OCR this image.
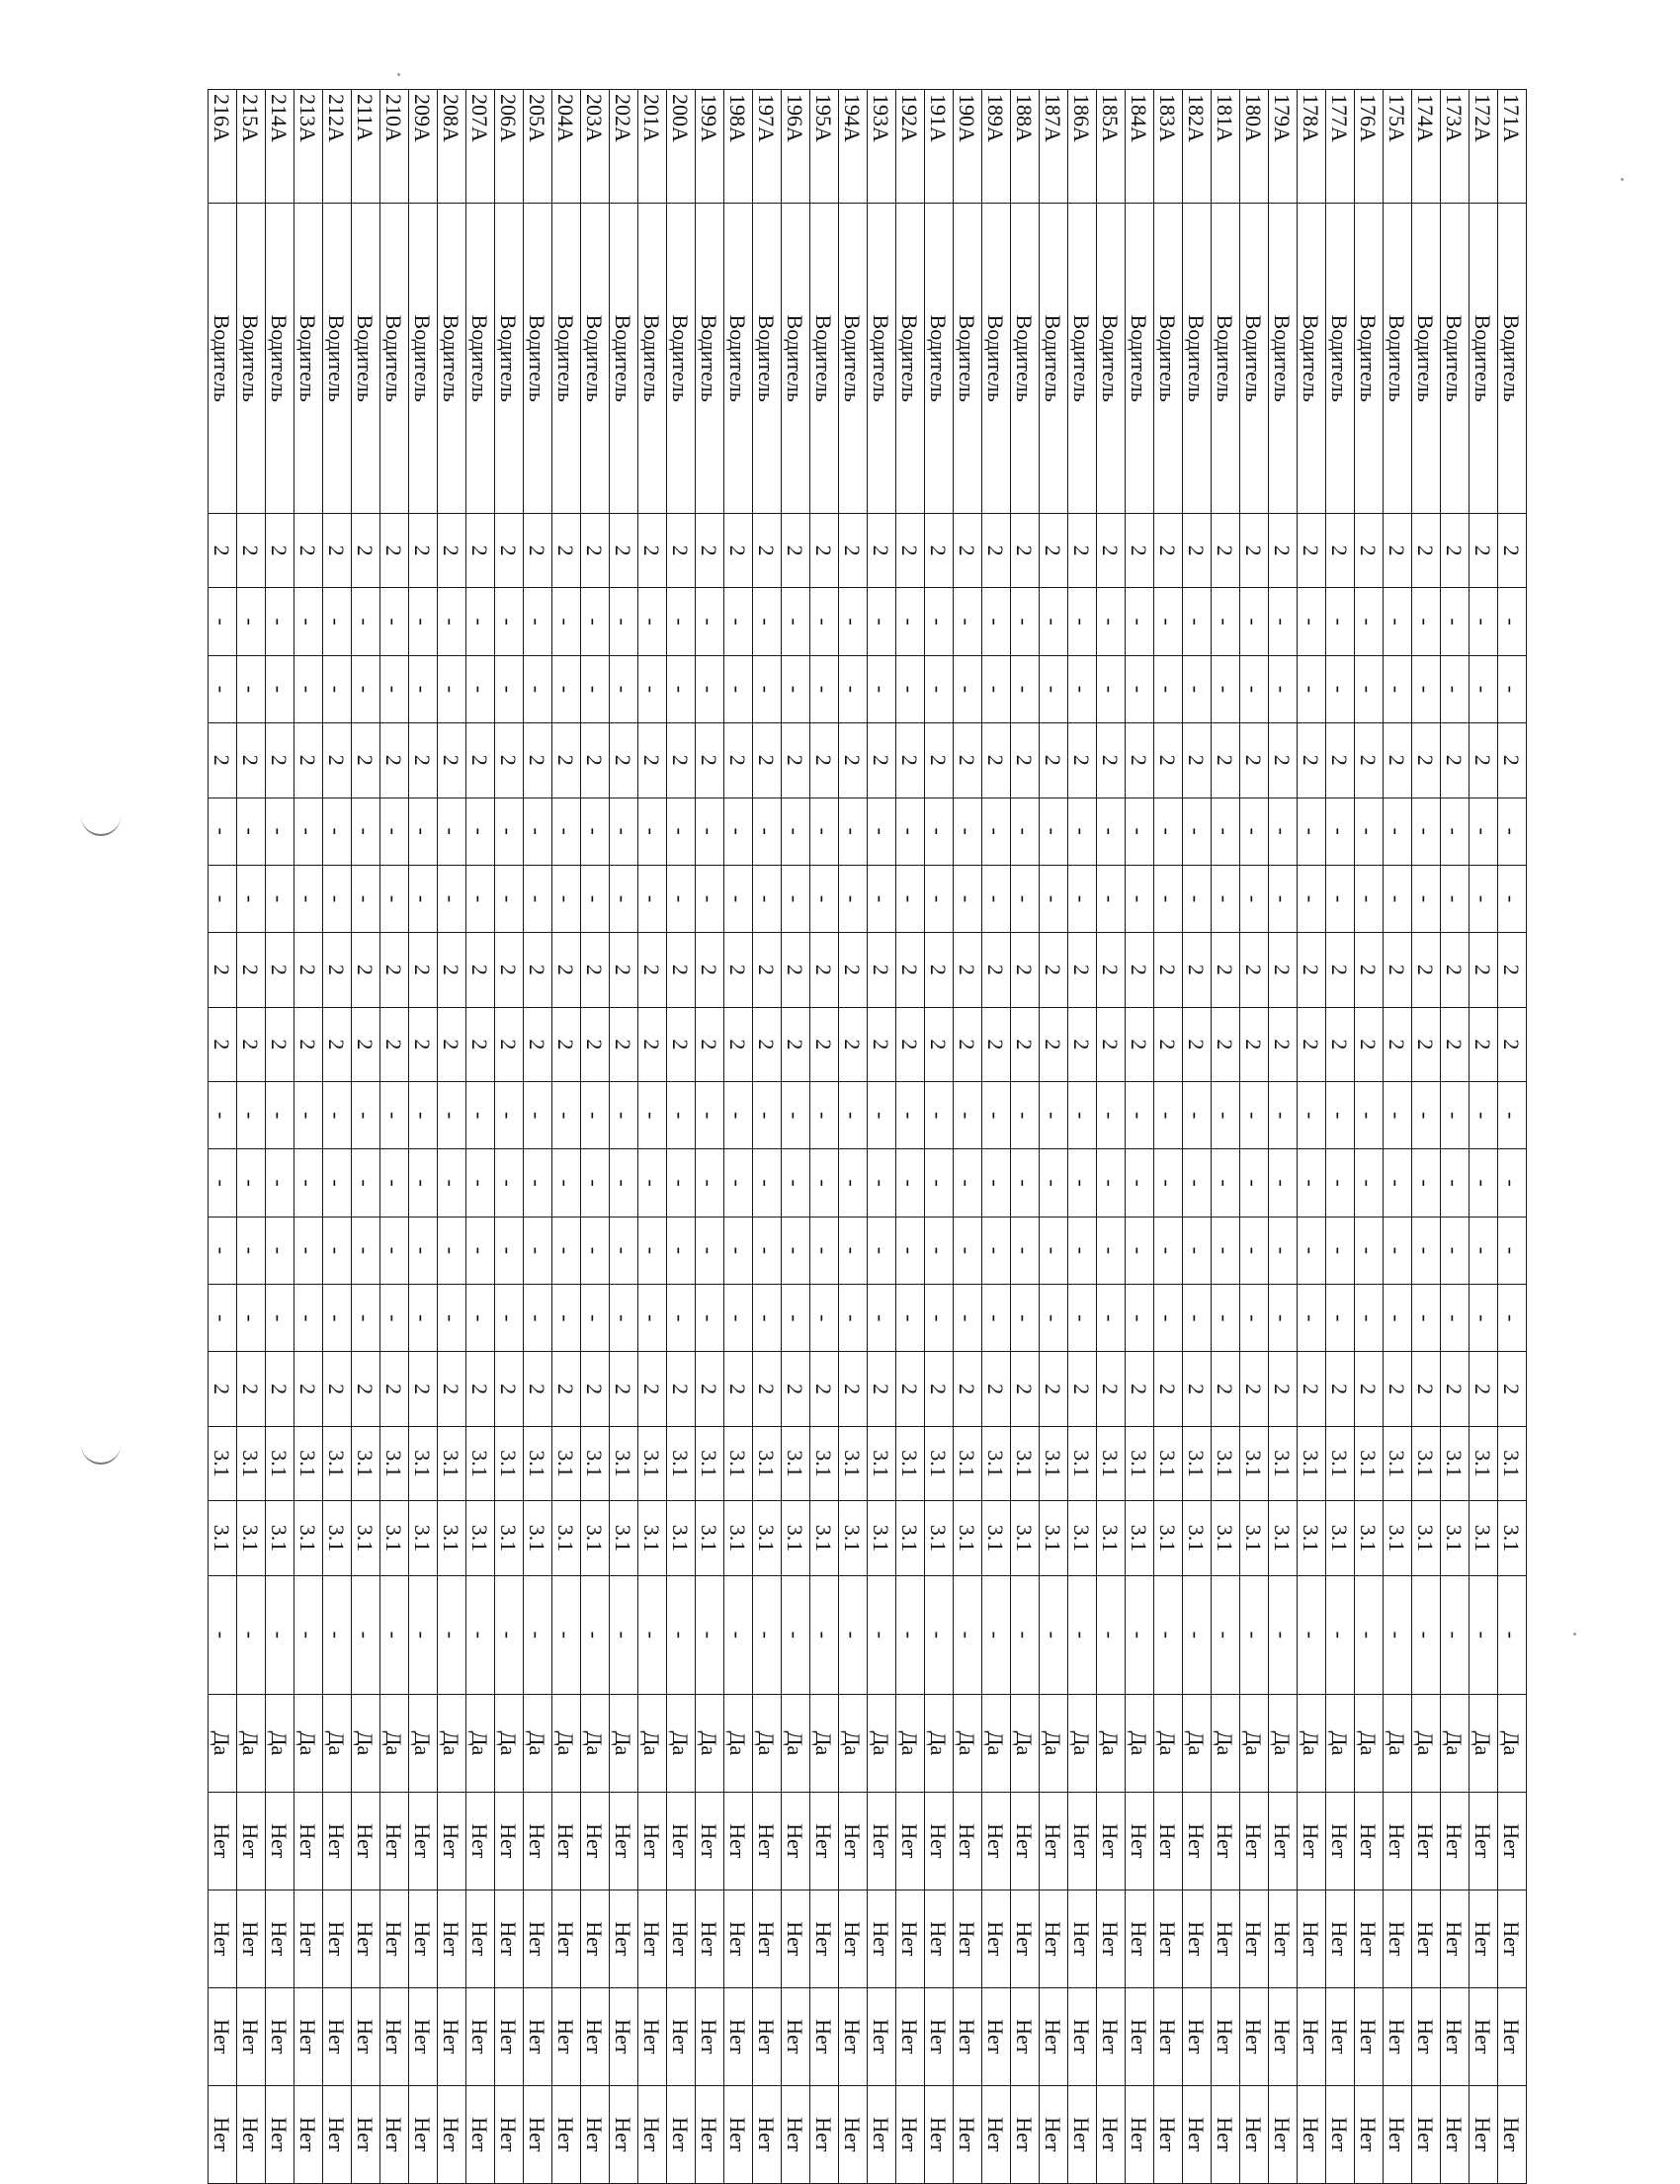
171A	Водитель	2	-	-	2	-	-	2	2	-	-	-	-	2	3.1	3.1	-	Да	Нет	Нет	Нет	Нет
172A	Водитель	2	-	-	2	-	-	2	2	-	-	-	-	2	3.1	3.1	-	Да	Нет	Нет	Нет	Нет
173A	Водитель	2	-	-	2	-	-	2	2	-	-	-	-	2	3.1	3.1	-	Да	Нет	Нет	Нет	Нет
174A	Водитель	2	-	-	2	-	-	2	2	-	-	-	-	2	3.1	3.1	-	Да	Нет	Нет	Нет	Нет
175A	Водитель	2	-	-	2	-	-	2	2	-	-	-	-	2	3.1	3.1	-	Да	Нет	Нет	Нет	Нет
176A	Водитель	2	-	-	2	-	-	2	2	-	-	-	-	2	3.1	3.1	-	Да	Нет	Нет	Нет	Нет
177A	Водитель	2	-	-	2	-	-	2	2	-	-	-	-	2	3.1	3.1	-	Да	Нет	Нет	Нет	Нет
178A	Водитель	2	-	-	2	-	-	2	2	-	-	-	-	2	3.1	3.1	-	Да	Нет	Нет	Нет	Нет
179A	Водитель	2	-	-	2	-	-	2	2	-	-	-	-	2	3.1	3.1	-	Да	Нет	Нет	Нет	Нет
180A	Водитель	2	-	-	2	-	-	2	2	-	-	-	-	2	3.1	3.1	-	Да	Нет	Нет	Нет	Нет
181A	Водитель	2	-	-	2	-	-	2	2	-	-	-	-	2	3.1	3.1	-	Да	Нет	Нет	Нет	Нет
182A	Водитель	2	-	-	2	-	-	2	2	-	-	-	-	2	3.1	3.1	-	Да	Нет	Нет	Нет	Нет
183A	Водитель	2	-	-	2	-	-	2	2	-	-	-	-	2	3.1	3.1	-	Да	Нет	Нет	Нет	Нет
184A	Водитель	2	-	-	2	-	-	2	2	-	-	-	-	2	3.1	3.1	-	Да	Нет	Нет	Нет	Нет
185A	Водитель	2	-	-	2	-	-	2	2	-	-	-	-	2	3.1	3.1	-	Да	Нет	Нет	Нет	Нет
186A	Водитель	2	-	-	2	-	-	2	2	-	-	-	-	2	3.1	3.1	-	Да	Нет	Нет	Нет	Нет
187A	Водитель	2	-	-	2	-	-	2	2	-	-	-	-	2	3.1	3.1	-	Да	Нет	Нет	Нет	Нет
188A	Водитель	2	-	-	2	-	-	2	2	-	-	-	-	2	3.1	3.1	-	Да	Нет	Нет	Нет	Нет
189A	Водитель	2	-	-	2	-	-	2	2	-	-	-	-	2	3.1	3.1	-	Да	Нет	Нет	Нет	Нет
190A	Водитель	2	-	-	2	-	-	2	2	-	-	-	-	2	3.1	3.1	-	Да	Нет	Нет	Нет	Нет
191A	Водитель	2	-	-	2	-	-	2	2	-	-	-	-	2	3.1	3.1	-	Да	Нет	Нет	Нет	Нет
192A	Водитель	2	-	-	2	-	-	2	2	-	-	-	-	2	3.1	3.1	-	Да	Нет	Нет	Нет	Нет
193A	Водитель	2	-	-	2	-	-	2	2	-	-	-	-	2	3.1	3.1	-	Да	Нет	Нет	Нет	Нет
194A	Водитель	2	-	-	2	-	-	2	2	-	-	-	-	2	3.1	3.1	-	Да	Нет	Нет	Нет	Нет
195A	Водитель	2	-	-	2	-	-	2	2	-	-	-	-	2	3.1	3.1	-	Да	Нет	Нет	Нет	Нет
196A	Водитель	2	-	-	2	-	-	2	2	-	-	-	-	2	3.1	3.1	-	Да	Нет	Нет	Нет	Нет
197A	Водитель	2	-	-	2	-	-	2	2	-	-	-	-	2	3.1	3.1	-	Да	Нет	Нет	Нет	Нет
198A	Водитель	2	-	-	2	-	-	2	2	-	-	-	-	2	3.1	3.1	-	Да	Нет	Нет	Нет	Нет
199A	Водитель	2	-	-	2	-	-	2	2	-	-	-	-	2	3.1	3.1	-	Да	Нет	Нет	Нет	Нет
200A	Водитель	2	-	-	2	-	-	2	2	-	-	-	-	2	3.1	3.1	-	Да	Нет	Нет	Нет	Нет
201A	Водитель	2	-	-	2	-	-	2	2	-	-	-	-	2	3.1	3.1	-	Да	Нет	Нет	Нет	Нет
202A	Водитель	2	-	-	2	-	-	2	2	-	-	-	-	2	3.1	3.1	-	Да	Нет	Нет	Нет	Нет
203A	Водитель	2	-	-	2	-	-	2	2	-	-	-	-	2	3.1	3.1	-	Да	Нет	Нет	Нет	Нет
204A	Водитель	2	-	-	2	-	-	2	2	-	-	-	-	2	3.1	3.1	-	Да	Нет	Нет	Нет	Нет
205A	Водитель	2	-	-	2	-	-	2	2	-	-	-	-	2	3.1	3.1	-	Да	Нет	Нет	Нет	Нет
206A	Водитель	2	-	-	2	-	-	2	2	-	-	-	-	2	3.1	3.1	-	Да	Нет	Нет	Нет	Нет
207A	Водитель	2	-	-	2	-	-	2	2	-	-	-	-	2	3.1	3.1	-	Да	Нет	Нет	Нет	Нет
208A	Водитель	2	-	-	2	-	-	2	2	-	-	-	-	2	3.1	3.1	-	Да	Нет	Нет	Нет	Нет
209A	Водитель	2	-	-	2	-	-	2	2	-	-	-	-	2	3.1	3.1	-	Да	Нет	Нет	Нет	Нет
210A	Водитель	2	-	-	2	-	-	2	2	-	-	-	-	2	3.1	3.1	-	Да	Нет	Нет	Нет	Нет
211A	Водитель	2	-	-	2	-	-	2	2	-	-	-	-	2	3.1	3.1	-	Да	Нет	Нет	Нет	Нет
212A	Водитель	2	-	-	2	-	-	2	2	-	-	-	-	2	3.1	3.1	-	Да	Нет	Нет	Нет	Нет
213A	Водитель	2	-	-	2	-	-	2	2	-	-	-	-	2	3.1	3.1	-	Да	Нет	Нет	Нет	Нет
214A	Водитель	2	-	-	2	-	-	2	2	-	-	-	-	2	3.1	3.1	-	Да	Нет	Нет	Нет	Нет
215A	Водитель	2	-	-	2	-	-	2	2	-	-	-	-	2	3.1	3.1	-	Да	Нет	Нет	Нет	Нет
216A	Водитель	2	-	-	2	-	-	2	2	-	-	-	-	2	3.1	3.1	-	Да	Нет	Нет	Нет	Нет
